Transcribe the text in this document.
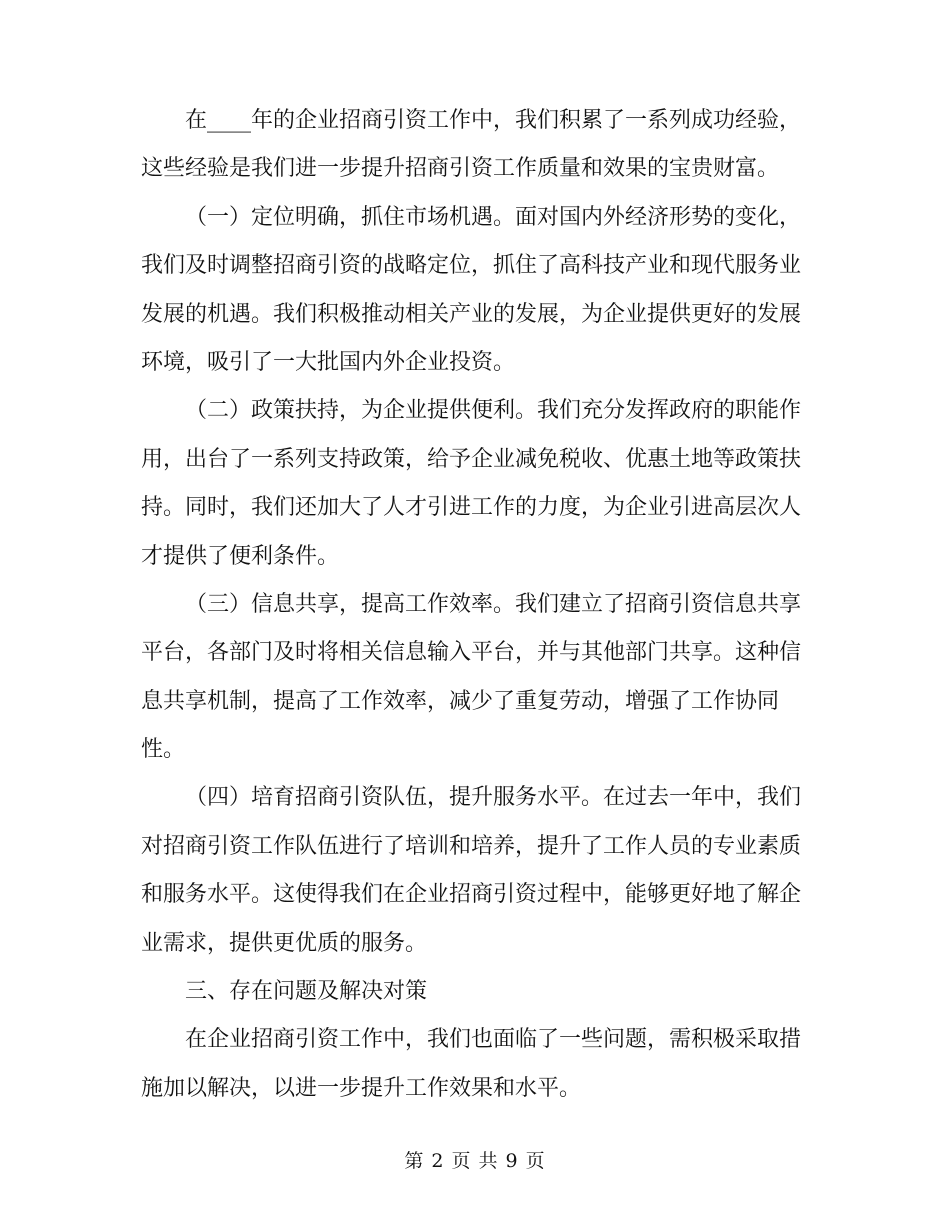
在____年的企业招商引资工作中，我们积累了一系列成功经验，
这些经验是我们进一步提升招商引资工作质量和效果的宝贵财富。

（一）定位明确，抓住市场机遇。面对国内外经济形势的变化，
我们及时调整招商引资的战略定位，抓住了高科技产业和现代服务业
发展的机遇。我们积极推动相关产业的发展，为企业提供更好的发展
环境，吸引了一大批国内外企业投资。

（二）政策扶持，为企业提供便利。我们充分发挥政府的职能作
用，出台了一系列支持政策，给予企业减免税收、优惠土地等政策扶
持。同时，我们还加大了人才引进工作的力度，为企业引进高层次人
才提供了便利条件。

（三）信息共享，提高工作效率。我们建立了招商引资信息共享
平台，各部门及时将相关信息输入平台，并与其他部门共享。这种信
息共享机制，提高了工作效率，减少了重复劳动，增强了工作协同
性。

（四）培育招商引资队伍，提升服务水平。在过去一年中，我们
对招商引资工作队伍进行了培训和培养，提升了工作人员的专业素质
和服务水平。这使得我们在企业招商引资过程中，能够更好地了解企
业需求，提供更优质的服务。

三、存在问题及解决对策

在企业招商引资工作中，我们也面临了一些问题，需积极采取措
施加以解决，以进一步提升工作效果和水平。

第 2 页 共 9 页
